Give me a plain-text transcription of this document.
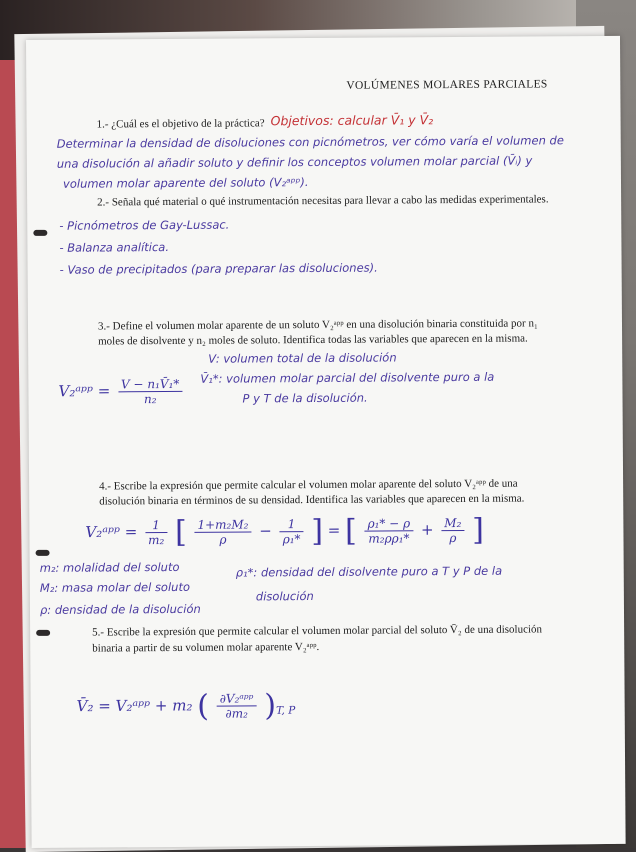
VOLÚMENES MOLARES PARCIALES
1.- ¿Cuál es el objetivo de la práctica? Objetivos: calcular V̄₁ y V̄₂
Determinar la densidad de disoluciones con picnómetros, ver cómo varía el volumen de
una disolución al añadir soluto y definir los conceptos volumen molar parcial (V̄ᵢ) y
volumen molar aparente del soluto (V₂ᵃᵖᵖ).
2.- Señala qué material o qué instrumentación necesitas para llevar a cabo las medidas experimentales.
- Picnómetros de Gay-Lussac.
- Balanza analítica.
- Vaso de precipitados (para preparar las disoluciones).
3.- Define el volumen molar aparente de un soluto V₂ᵃᵖᵖ en una disolución binaria constituida por n₁
moles de disolvente y n₂ moles de soluto. Identifica todas las variables que aparecen en la misma.
V₂ᵃᵖᵖ = $\frac{\text{V − n₁V̄₁*}}{\text{n₂}}$
V: volumen total de la disolución
V̄₁*: volumen molar parcial del disolvente puro a la
P y T de la disolución.
4.- Escribe la expresión que permite calcular el volumen molar aparente del soluto V₂ᵃᵖᵖ de una
disolución binaria en términos de su densidad. Identifica las variables que aparecen en la misma.
V₂ᵃᵖᵖ = $\frac{1}{\text{m₂}}$ [ $\frac{\text{1+m₂M₂}}{\rho} - \frac{1}{\text{ρ₁*}}$ ] = [ $\frac{\text{ρ₁* − ρ}}{\text{m₂ρρ₁*}} + \frac{\text{M₂}}{\rho}$ ]
m₂: molalidad del soluto
M₂: masa molar del soluto
ρ: densidad de la disolución
ρ₁*: densidad del disolvente puro a T y P de la
disolución
5.- Escribe la expresión que permite calcular el volumen molar parcial del soluto V̄₂ de una disolución
binaria a partir de su volumen molar aparente V₂ᵃᵖᵖ.
V̄₂ = V₂ᵃᵖᵖ + m₂ ( $\frac{\text{∂V₂ᵃᵖᵖ}}{\text{∂m₂}} )_{T, P}$
